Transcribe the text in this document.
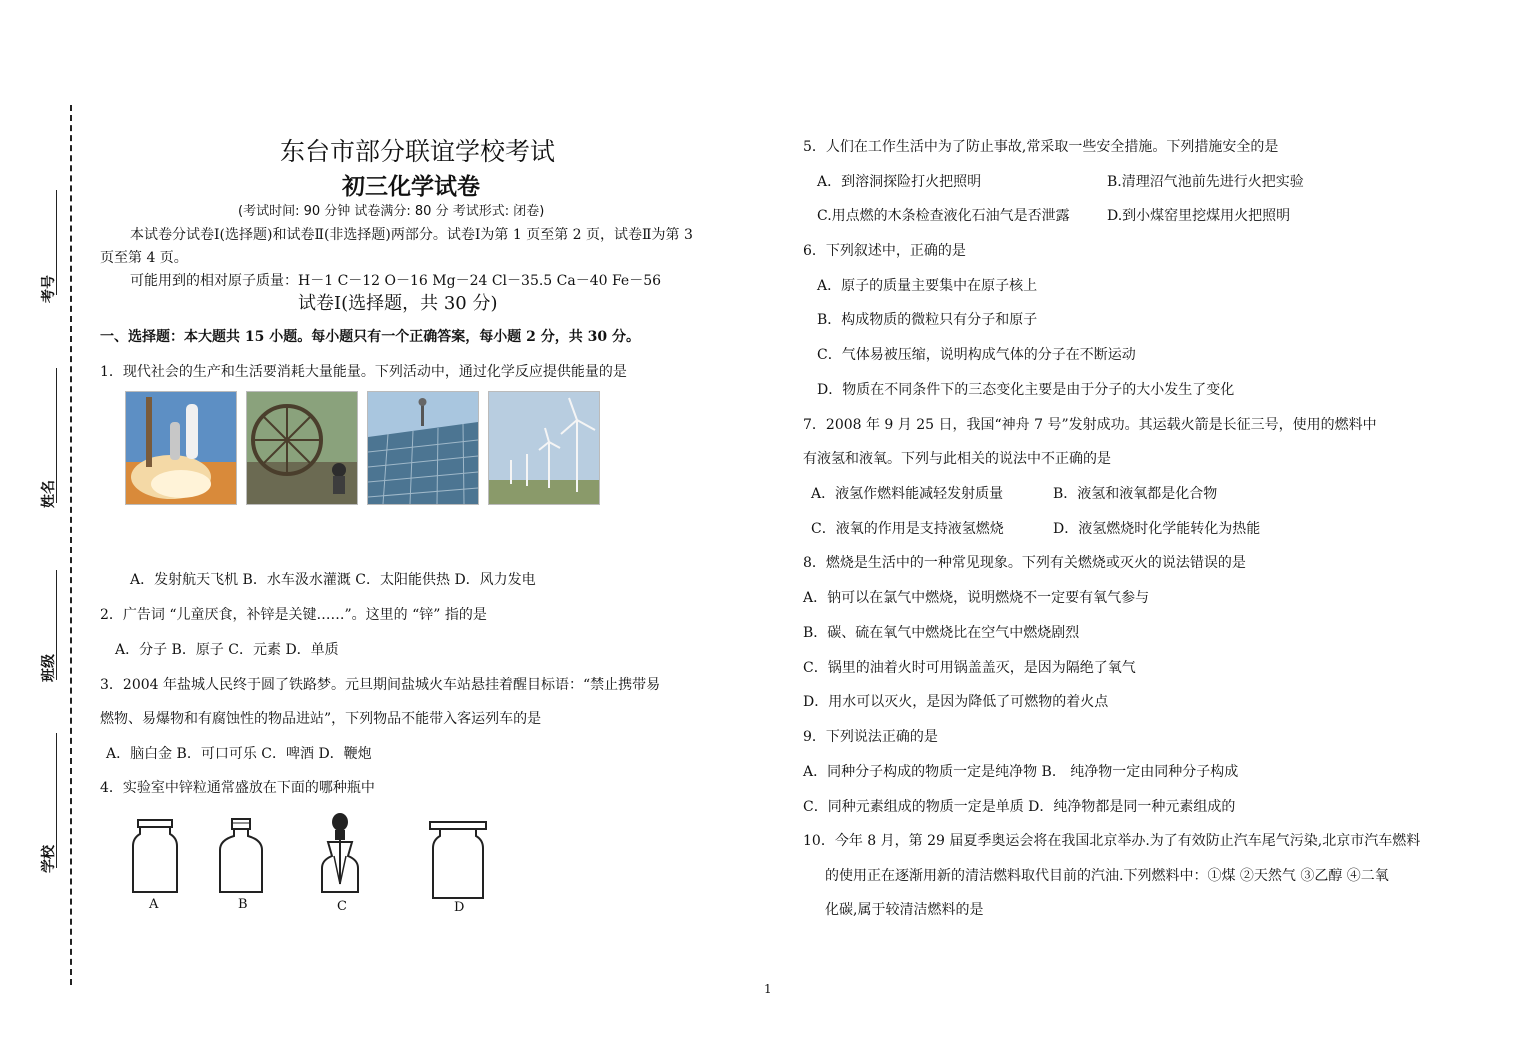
考号
姓名
班级
学校
东台市部分联谊学校考试
初三化学试卷
(考试时间: 90 分钟 试卷满分: 80 分 考试形式: 闭卷)
本试卷分试卷Ⅰ(选择题)和试卷Ⅱ(非选择题)两部分。试卷Ⅰ为第 1 页至第 2 页，试卷Ⅱ为第 3
页至第 4 页。
可能用到的相对原子质量：H－1 C－12 O－16 Mg－24 Cl－35.5 Ca－40 Fe－56
试卷Ⅰ(选择题，共 30 分)
一、选择题：本大题共 15 小题。每小题只有一个正确答案，每小题 2 分，共 30 分。
1．现代社会的生产和生活要消耗大量能量。下列活动中，通过化学反应提供能量的是
A．发射航天飞机 B．水车汲水灌溉 C．太阳能供热 D．风力发电
2．广告词 “儿童厌食，补锌是关键……”。这里的 “锌” 指的是
A．分子 B．原子 C．元素 D．单质
3．2004 年盐城人民终于圆了铁路梦。元旦期间盐城火车站悬挂着醒目标语：“禁止携带易
燃物、易爆物和有腐蚀性的物品进站”，下列物品不能带入客运列车的是
A．脑白金 B．可口可乐 C．啤酒 D．鞭炮
4．实验室中锌粒通常盛放在下面的哪种瓶中
A	B	C	D
5．人们在工作生活中为了防止事故,常采取一些安全措施。下列措施安全的是
A．到溶洞探险打火把照明	B.清理沼气池前先进行火把实验
C.用点燃的木条检查液化石油气是否泄露	D.到小煤窑里挖煤用火把照明
6．下列叙述中，正确的是
A．原子的质量主要集中在原子核上
B．构成物质的微粒只有分子和原子
C．气体易被压缩，说明构成气体的分子在不断运动
D．物质在不同条件下的三态变化主要是由于分子的大小发生了变化
7．2008 年 9 月 25 日，我国“神舟 7 号”发射成功。其运载火箭是长征三号，使用的燃料中
有液氢和液氧。下列与此相关的说法中不正确的是
A．液氢作燃料能减轻发射质量	B．液氢和液氧都是化合物
C．液氧的作用是支持液氢燃烧	D．液氢燃烧时化学能转化为热能
8．燃烧是生活中的一种常见现象。下列有关燃烧或灭火的说法错误的是
A．钠可以在氯气中燃烧，说明燃烧不一定要有氧气参与
B．碳、硫在氧气中燃烧比在空气中燃烧剧烈
C．锅里的油着火时可用锅盖盖灭，是因为隔绝了氧气
D．用水可以灭火，是因为降低了可燃物的着火点
9．下列说法正确的是
A．同种分子构成的物质一定是纯净物 B． 纯净物一定由同种分子构成
C．同种元素组成的物质一定是单质 D．纯净物都是同一种元素组成的
10．今年 8 月，第 29 届夏季奥运会将在我国北京举办.为了有效防止汽车尾气污染,北京市汽车燃料
的使用正在逐渐用新的清洁燃料取代目前的汽油.下列燃料中：①煤 ②天然气 ③乙醇 ④二氧
化碳,属于较清洁燃料的是
1
